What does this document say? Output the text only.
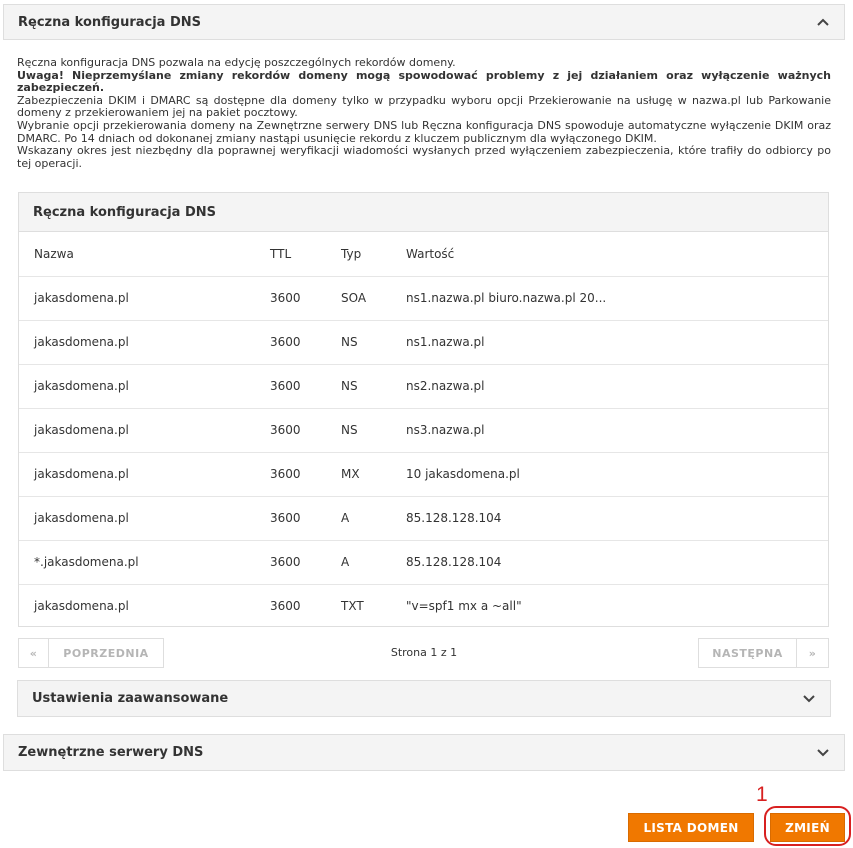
Ręczna konfiguracja DNS

Ręczna konfiguracja DNS pozwala na edycję poszczególnych rekordów domeny.

Uwaga! Nieprzemyślane zmiany rekordów domeny mogą spowodować problemy z jej działaniem oraz wyłączenie ważnych zabezpieczeń.

Zabezpieczenia DKIM i DMARC są dostępne dla domeny tylko w przypadku wyboru opcji Przekierowanie na usługę w nazwa.pl lub Parkowanie domeny z przekierowaniem jej na pakiet pocztowy.

Wybranie opcji przekierowania domeny na Zewnętrzne serwery DNS lub Ręczna konfiguracja DNS spowoduje automatyczne wyłączenie DKIM oraz DMARC. Po 14 dniach od dokonanej zmiany nastąpi usunięcie rekordu z kluczem publicznym dla wyłączonego DKIM.

Wskazany okres jest niezbędny dla poprawnej weryfikacji wiadomości wysłanych przed wyłączeniem zabezpieczenia, które trafiły do odbiorcy po tej operacji.

Ręczna konfiguracja DNS
Nazwa	TTL	Typ	Wartość
jakasdomena.pl	3600	SOA	ns1.nazwa.pl biuro.nazwa.pl 20...
jakasdomena.pl	3600	NS	ns1.nazwa.pl
jakasdomena.pl	3600	NS	ns2.nazwa.pl
jakasdomena.pl	3600	NS	ns3.nazwa.pl
jakasdomena.pl	3600	MX	10 jakasdomena.pl
jakasdomena.pl	3600	A	85.128.128.104
*.jakasdomena.pl	3600	A	85.128.128.104
jakasdomena.pl	3600	TXT	"v=spf1 mx a ~all"
«	POPRZEDNIA	Strona 1 z 1	NASTĘPNA	»
Ustawienia zaawansowane
Zewnętrzne serwery DNS
LISTA DOMEN	ZMIEŃ
1
